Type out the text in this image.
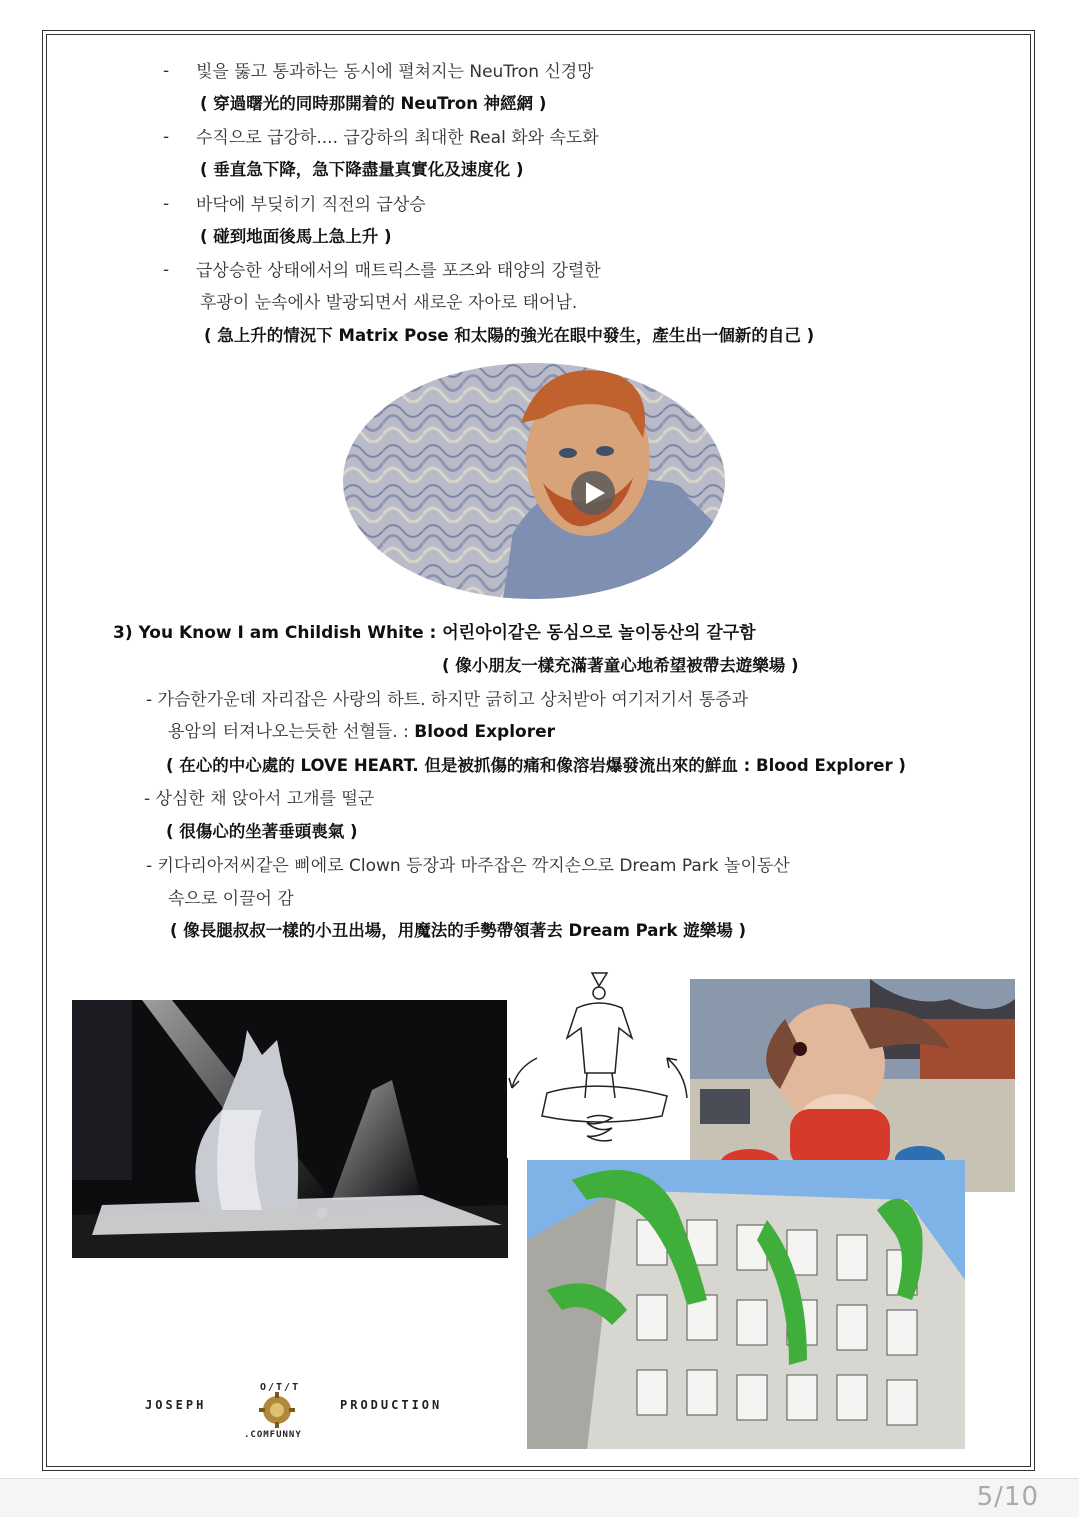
- 빛을 뚫고 통과하는 동시에 펼쳐지는 NeuTron 신경망
( 穿過曙光的同時那開着的 NeuTron 神經網 )
- 수직으로 급강하.... 급강하의 최대한 Real 화와 속도화
( 垂直急下降，急下降盡量真實化及速度化 )
- 바닥에 부딪히기 직전의 급상승
( 碰到地面後馬上急上升 )
- 급상승한 상태에서의 매트릭스를 포즈와 태양의 강렬한
후광이 눈속에사 발광되면서 새로운 자아로 태어남.
( 急上升的情況下 Matrix Pose 和太陽的強光在眼中發生，產生出一個新的自己 )
3) You Know I am Childish White : 어린아이같은 동심으로 놀이동산의 갈구함
( 像小朋友一樣充滿著童心地希望被帶去遊樂場 )
- 가슴한가운데 자리잡은 사랑의 하트. 하지만 긁히고 상처받아 여기저기서 통증과
용암의 터져나오는듯한 선혈들. : Blood Explorer
( 在心的中心處的 LOVE HEART. 但是被抓傷的痛和像溶岩爆發流出來的鮮血 : Blood Explorer )
- 상심한 채 앉아서 고개를 떨군
( 很傷心的坐著垂頭喪氣 )
- 키다리아저씨같은 삐에로 Clown 등장과 마주잡은 깍지손으로 Dream Park 놀이동산
속으로 이끌어 감
( 像長腿叔叔一樣的小丑出場，用魔法的手勢帶領著去 Dream Park 遊樂場 )
O/T/T
JOSEPH	PRODUCTION
.COMFUNNY
5/10
